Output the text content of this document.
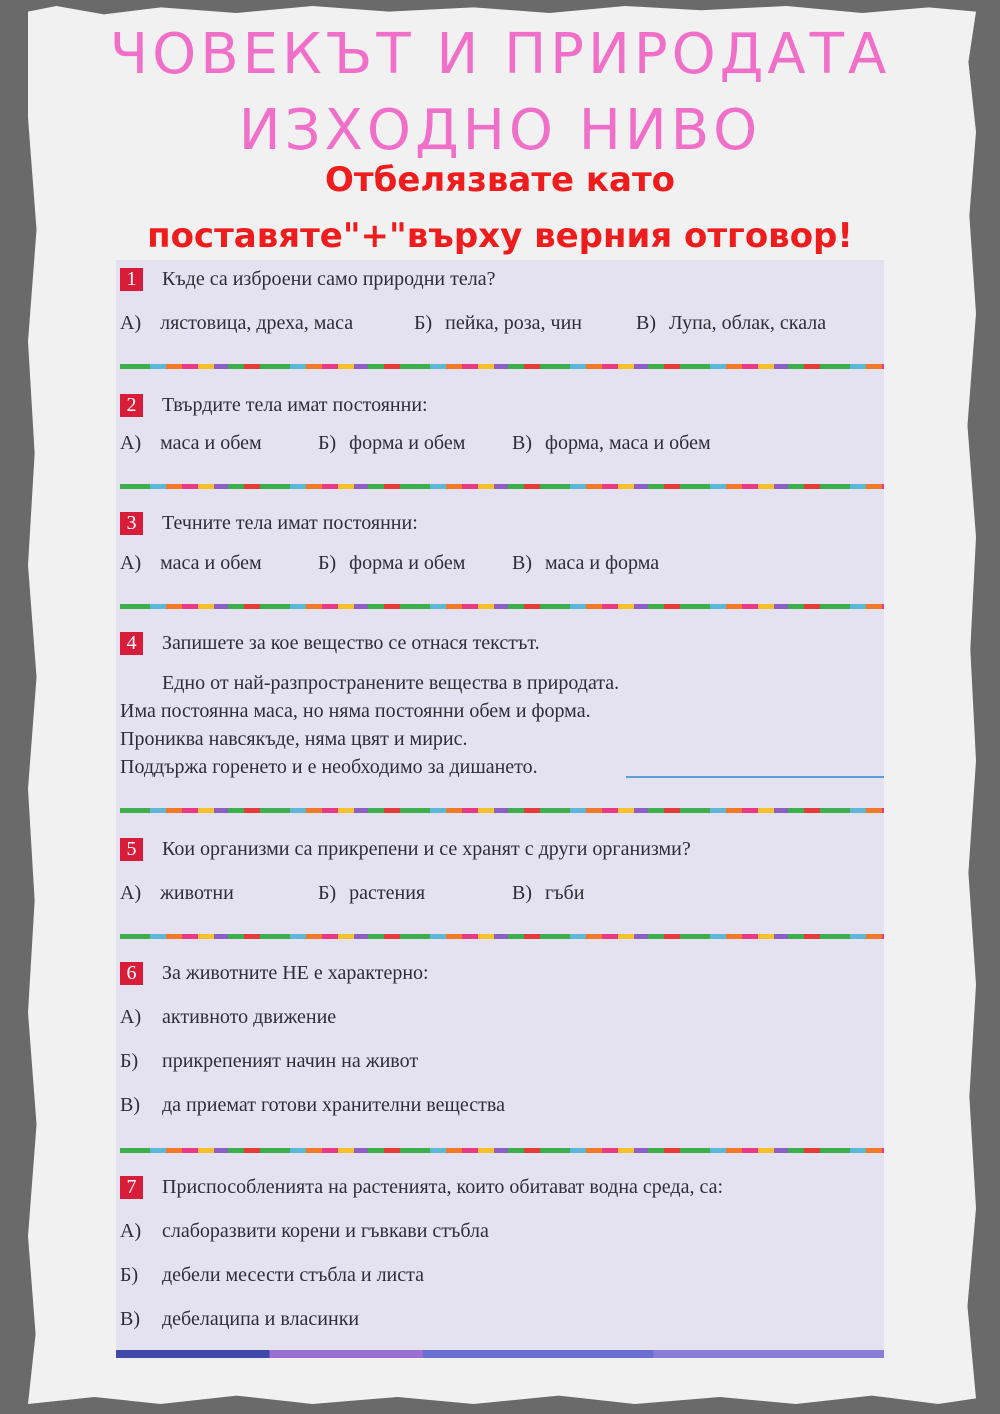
ЧОВЕКЪТ И ПРИРОДАТА
ИЗХОДНО НИВО
Отбелязвате като
поставяте"+"върху верния отговор!
1	Къде са изброени само природни тела?
А) лястовица, дреха, маса	Б) пейка, роза, чин	В) Лупа, облак, скала
2	Твърдите тела имат постоянни:
А) маса и обем	Б) форма и обем В) форма, маса и обем
3	Течните тела имат постоянни:
А) маса и обем	Б) форма и обем В) маса и форма
4	Запишете за кое вещество се отнася текстът.
Едно от най-разпространените вещества в природата.
Има постоянна маса, но няма постоянни обем и форма.
Прониква навсякъде, няма цвят и мирис.
Поддържа горенето и е необходимо за дишането.
5	Кои организми са прикрепени и се хранят с други организми?
А) животни	Б) растения	В) гъби
6	За животните НЕ е характерно:
А) активното движение
Б) прикрепеният начин на живот
В) да приемат готови хранителни вещества
7	Приспособленията на растенията, които обитават водна среда, са:
А) слаборазвити корени и гъвкави стъбла
Б) дебели месести стъбла и листа
В) дебелаципа и власинки
